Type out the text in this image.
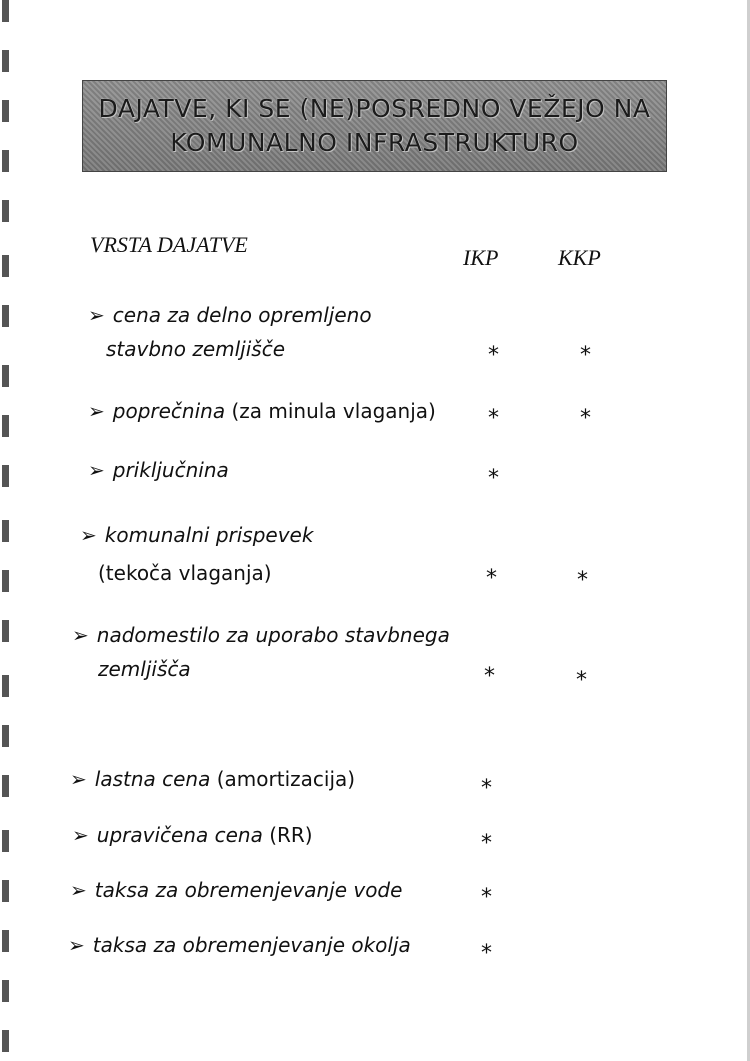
DAJATVE, KI SE (NE)POSREDNO VEŽEJO NA
KOMUNALNO INFRASTRUKTURO
VRSTA DAJATVE
IKP	KKP
➢ cena za delno opremljeno
stavbno zemljišče	*	*
➢ poprečnina (za minula vlaganja) *	*
➢ priključnina	*
➢ komunalni prispevek
(tekoča vlaganja)	*	*
➢ nadomestilo za uporabo stavbnega
zemljišča	*	*
➢ lastna cena (amortizacija)	*
➢ upravičena cena (RR)	*
➢ taksa za obremenjevanje vode	*
➢ taksa za obremenjevanje okolja	*
